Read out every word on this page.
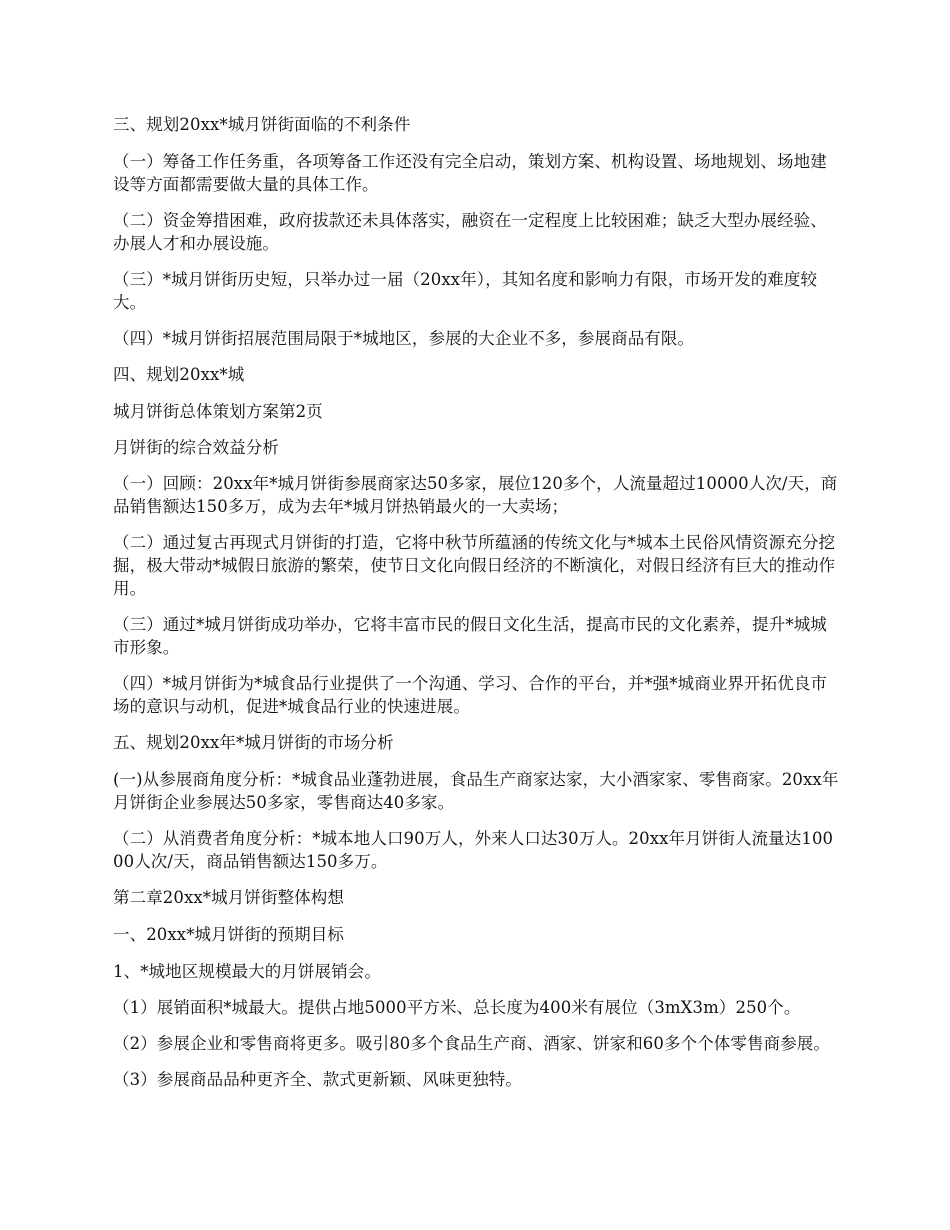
三、规划20xx*城月饼街面临的不利条件

（一）筹备工作任务重，各项筹备工作还没有完全启动，策划方案、机构设置、场地规划、场地建设等方面都需要做大量的具体工作。

（二）资金筹措困难，政府拔款还未具体落实，融资在一定程度上比较困难；缺乏大型办展经验、办展人才和办展设施。

（三）*城月饼街历史短，只举办过一届（20xx年），其知名度和影响力有限，市场开发的难度较大。

（四）*城月饼街招展范围局限于*城地区，参展的大企业不多，参展商品有限。

四、规划20xx*城

城月饼街总体策划方案第2页

月饼街的综合效益分析

（一）回顾：20xx年*城月饼街参展商家达50多家，展位120多个，人流量超过10000人次/天，商品销售额达150多万，成为去年*城月饼热销最火的一大卖场；

（二）通过复古再现式月饼街的打造，它将中秋节所蕴涵的传统文化与*城本土民俗风情资源充分挖掘，极大带动*城假日旅游的繁荣，使节日文化向假日经济的不断演化，对假日经济有巨大的推动作用。

（三）通过*城月饼街成功举办，它将丰富市民的假日文化生活，提高市民的文化素养，提升*城城市形象。

（四）*城月饼街为*城食品行业提供了一个沟通、学习、合作的平台，并*强*城商业界开拓优良市场的意识与动机，促进*城食品行业的快速进展。

五、规划20xx年*城月饼街的市场分析

(一)从参展商角度分析：*城食品业蓬勃进展，食品生产商家达家，大小酒家家、零售商家。20xx年月饼街企业参展达50多家，零售商达40多家。

（二）从消费者角度分析：*城本地人口90万人，外来人口达30万人。20xx年月饼街人流量达10000人次/天，商品销售额达150多万。

第二章20xx*城月饼街整体构想

一、20xx*城月饼街的预期目标

1、*城地区规模最大的月饼展销会。

（1）展销面积*城最大。提供占地5000平方米、总长度为400米有展位（3mX3m）250个。

（2）参展企业和零售商将更多。吸引80多个食品生产商、酒家、饼家和60多个个体零售商参展。

（3）参展商品品种更齐全、款式更新颖、风味更独特。
